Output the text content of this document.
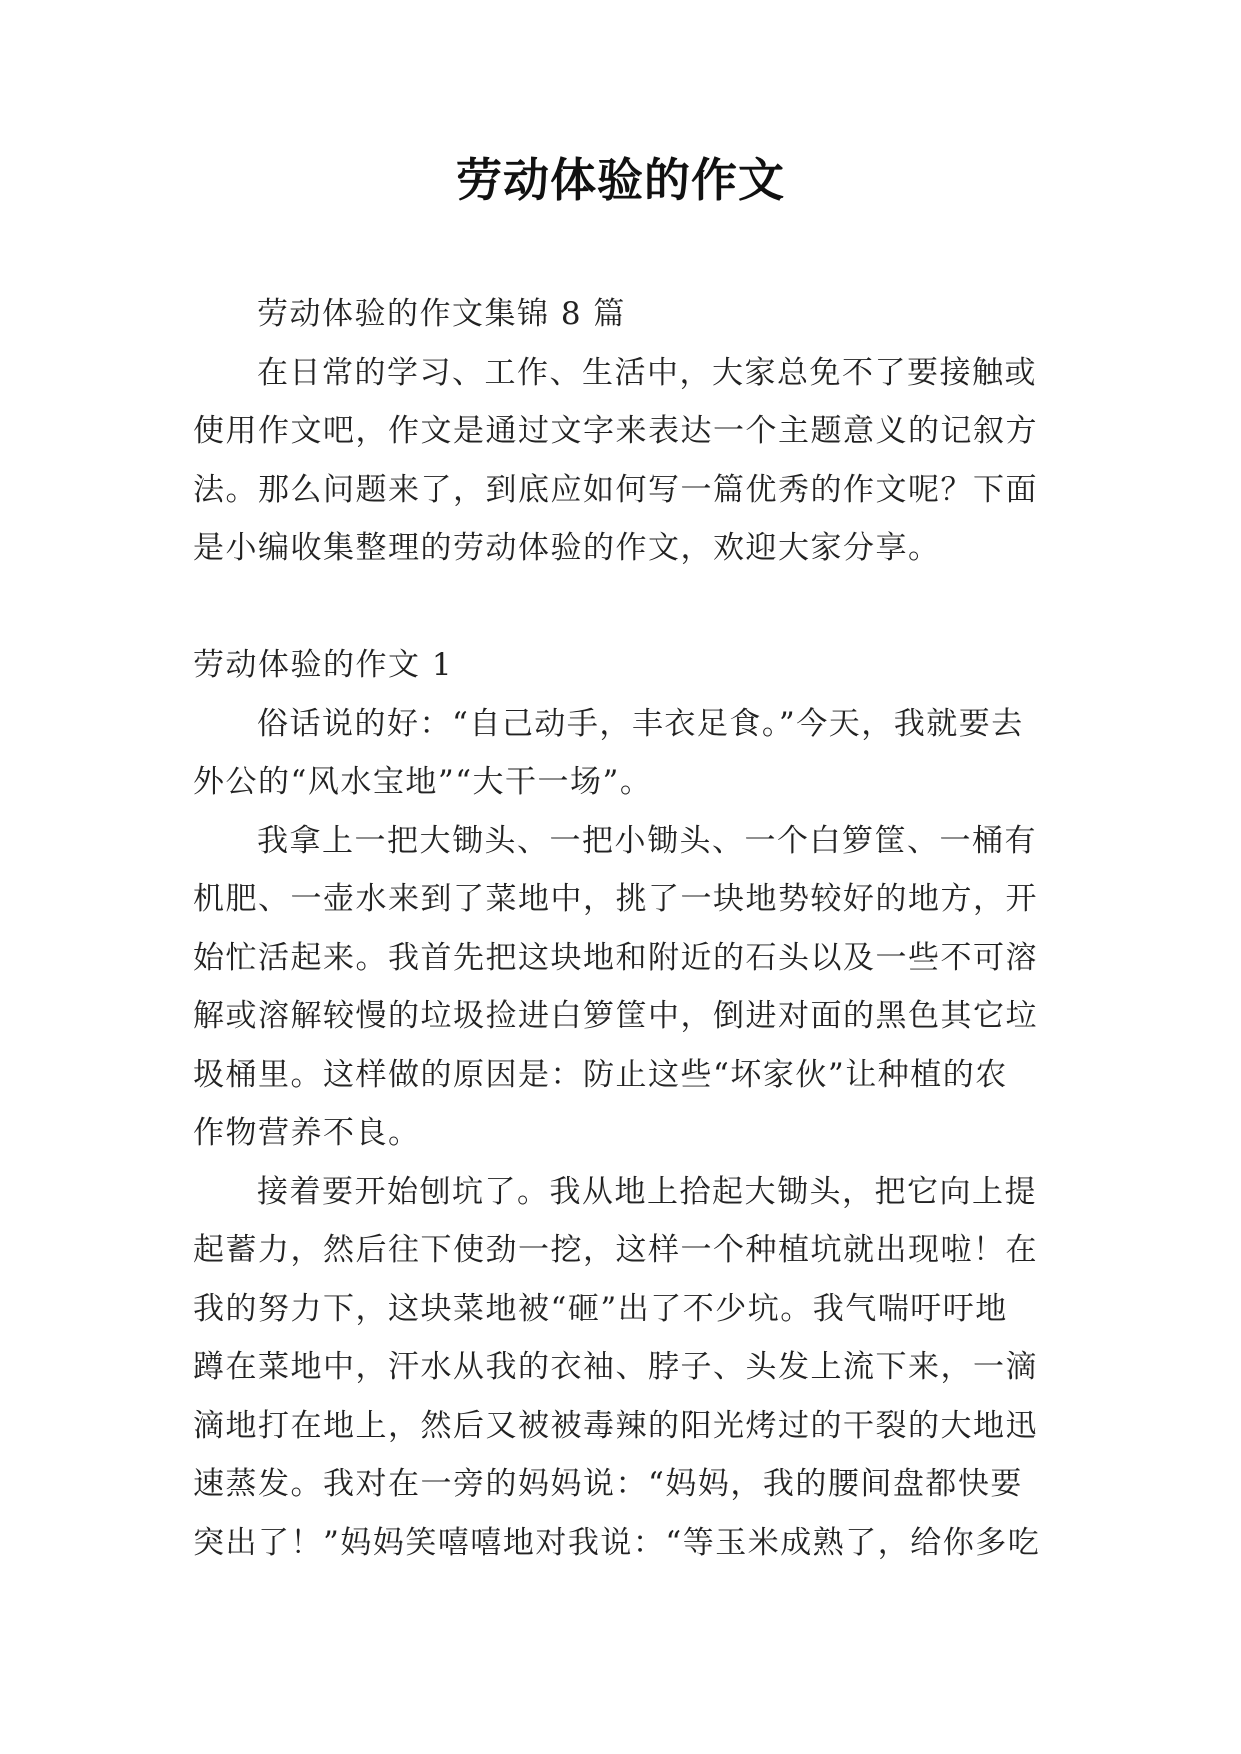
劳动体验的作文
劳动体验的作文集锦 8 篇
在日常的学习、工作、生活中，大家总免不了要接触或
使用作文吧，作文是通过文字来表达一个主题意义的记叙方
法。那么问题来了，到底应如何写一篇优秀的作文呢？下面
是小编收集整理的劳动体验的作文，欢迎大家分享。
劳动体验的作文 1
俗话说的好：“自己动手，丰衣足食。”今天，我就要去
外公的“风水宝地”“大干一场”。
我拿上一把大锄头、一把小锄头、一个白箩筐、一桶有
机肥、一壶水来到了菜地中，挑了一块地势较好的地方，开
始忙活起来。我首先把这块地和附近的石头以及一些不可溶
解或溶解较慢的垃圾捡进白箩筐中，倒进对面的黑色其它垃
圾桶里。这样做的原因是：防止这些“坏家伙”让种植的农
作物营养不良。
接着要开始刨坑了。我从地上拾起大锄头，把它向上提
起蓄力，然后往下使劲一挖，这样一个种植坑就出现啦！在
我的努力下，这块菜地被“砸”出了不少坑。我气喘吁吁地
蹲在菜地中，汗水从我的衣袖、脖子、头发上流下来，一滴
滴地打在地上，然后又被被毒辣的阳光烤过的干裂的大地迅
速蒸发。我对在一旁的妈妈说：“妈妈，我的腰间盘都快要
突出了！”妈妈笑嘻嘻地对我说：“等玉米成熟了，给你多吃
